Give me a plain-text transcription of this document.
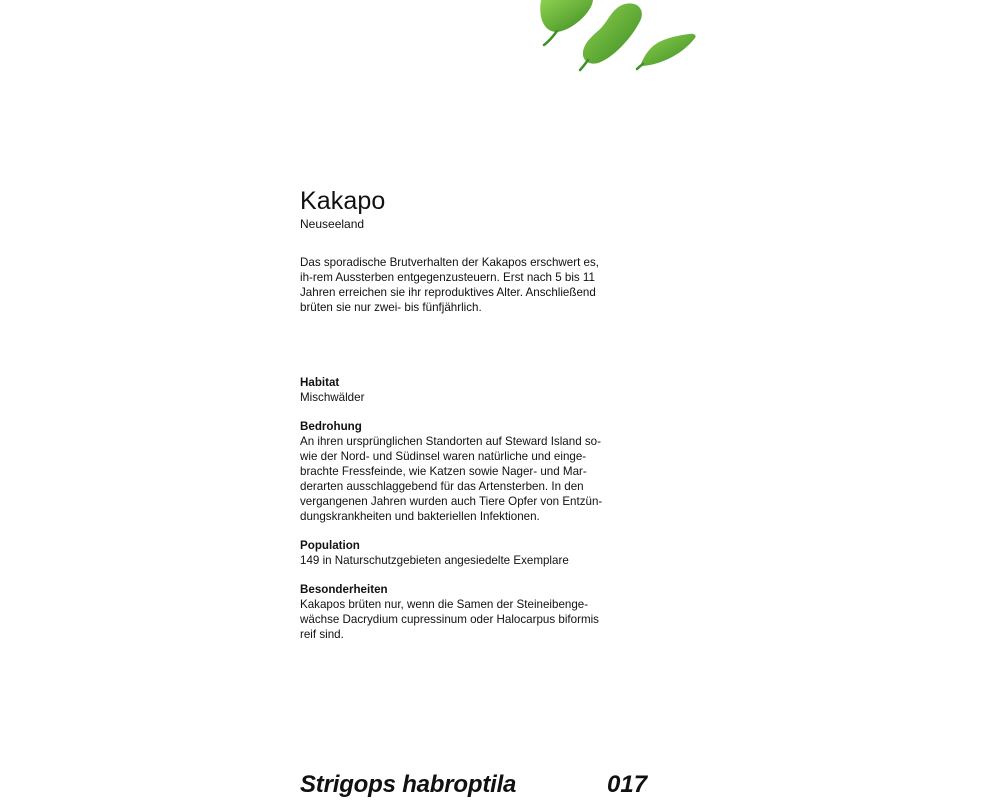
Kakapo

Neuseeland

Das sporadische Brutverhalten der Kakapos erschwert es, ih-rem Aussterben entgegenzusteuern. Erst nach 5 bis 11 Jahren erreichen sie ihr reproduktives Alter. Anschließend brüten sie nur zwei- bis fünfjährlich.

Habitat
Mischwälder
Bedrohung
An ihren ursprünglichen Standorten auf Steward Island so-wie der Nord- und Südinsel waren natürliche und einge-brachte Fressfeinde, wie Katzen sowie Nager- und Mar-derarten ausschlaggebend für das Artensterben. In den vergangenen Jahren wurden auch Tiere Opfer von Entzün-dungskrankheiten und bakteriellen Infektionen.
Population
149 in Naturschutzgebieten angesiedelte Exemplare
Besonderheiten
Kakapos brüten nur, wenn die Samen der Steineibenge-wächse Dacrydium cupressinum oder Halocarpus biformis reif sind.
Strigops habroptila	017
